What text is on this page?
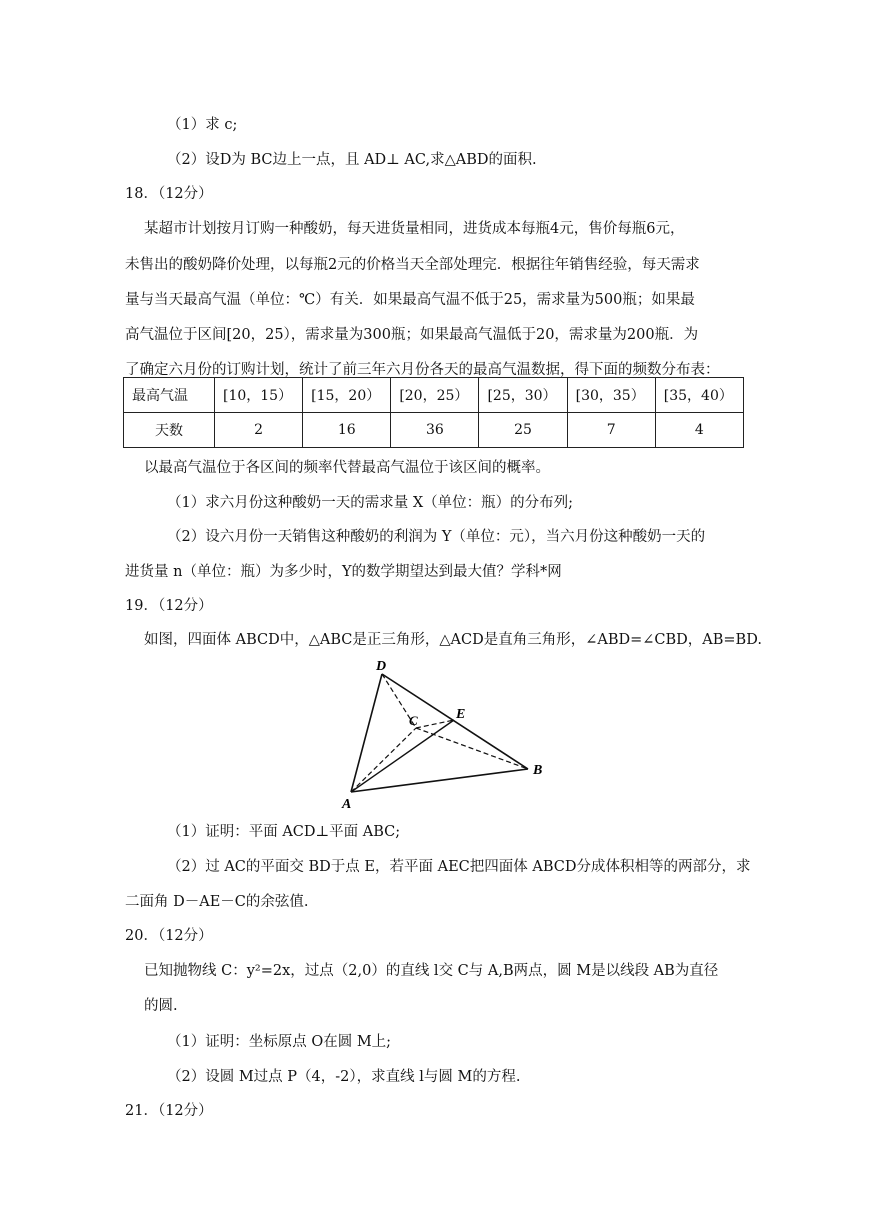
（1）求 c;
（2）设D为 BC边上一点，且 AD⊥ AC,求△ABD的面积.
18．（12分）
某超市计划按月订购一种酸奶，每天进货量相同，进货成本每瓶4元，售价每瓶6元，
未售出的酸奶降价处理，以每瓶2元的价格当天全部处理完．根据往年销售经验，每天需求
量与当天最高气温（单位：℃）有关．如果最高气温不低于25，需求量为500瓶；如果最
高气温位于区间[20，25），需求量为300瓶；如果最高气温低于20，需求量为200瓶．为
了确定六月份的订购计划，统计了前三年六月份各天的最高气温数据，得下面的频数分布表：
最高气温	[10，15）	[15，20）	[20，25）	[25，30）	[30，35）	[35，40）
天数	2	16	36	25	7	4
以最高气温位于各区间的频率代替最高气温位于该区间的概率。
（1）求六月份这种酸奶一天的需求量 X（单位：瓶）的分布列;
（2）设六月份一天销售这种酸奶的利润为 Y（单位：元），当六月份这种酸奶一天的
进货量 n（单位：瓶）为多少时，Y的数学期望达到最大值？学科*网
19．（12分）
如图，四面体 ABCD中，△ABC是正三角形，△ACD是直角三角形，∠ABD=∠CBD，AB=BD.
D
C	E
B
A
（1）证明：平面 ACD⊥平面 ABC;
（2）过 AC的平面交 BD于点 E，若平面 AEC把四面体 ABCD分成体积相等的两部分，求
二面角 D－AE－C的余弦值.
20．（12分）
已知抛物线 C：y²=2x，过点（2,0）的直线 l交 C与 A,B两点，圆 M是以线段 AB为直径
的圆.
（1）证明：坐标原点 O在圆 M上;
（2）设圆 M过点 P（4，-2），求直线 l与圆 M的方程.
21．（12分）
